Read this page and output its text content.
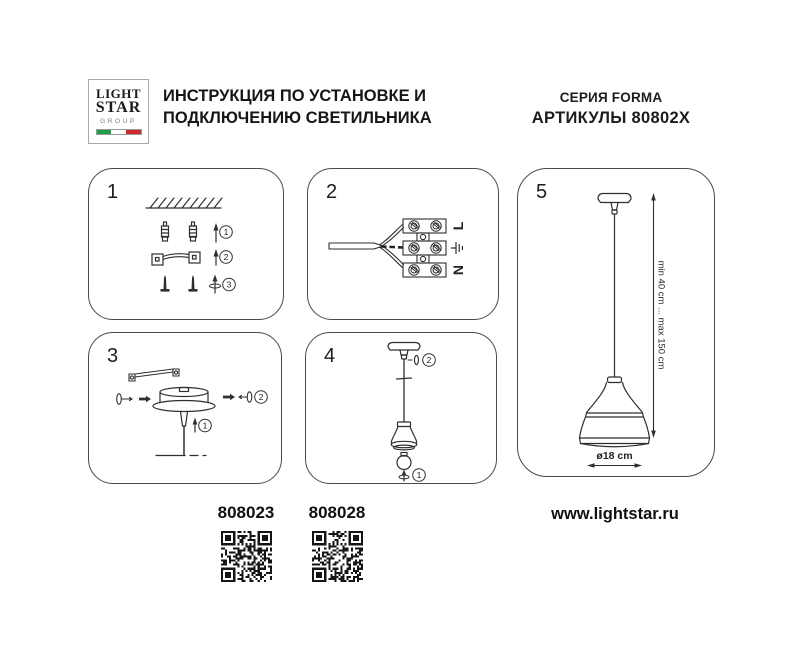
LIGHT
STAR
GROUP
ИНСТРУКЦИЯ ПО УСТАНОВКЕ И
ПОДКЛЮЧЕНИЮ СВЕТИЛЬНИКА
СЕРИЯ FORMA
АРТИКУЛЫ 80802X
1
1
2
3
2
L
N
3
2
1
4	2
1
5
min 40 cm ... max 150 cm
ø18 cm
808023	808028	www.lightstar.ru
